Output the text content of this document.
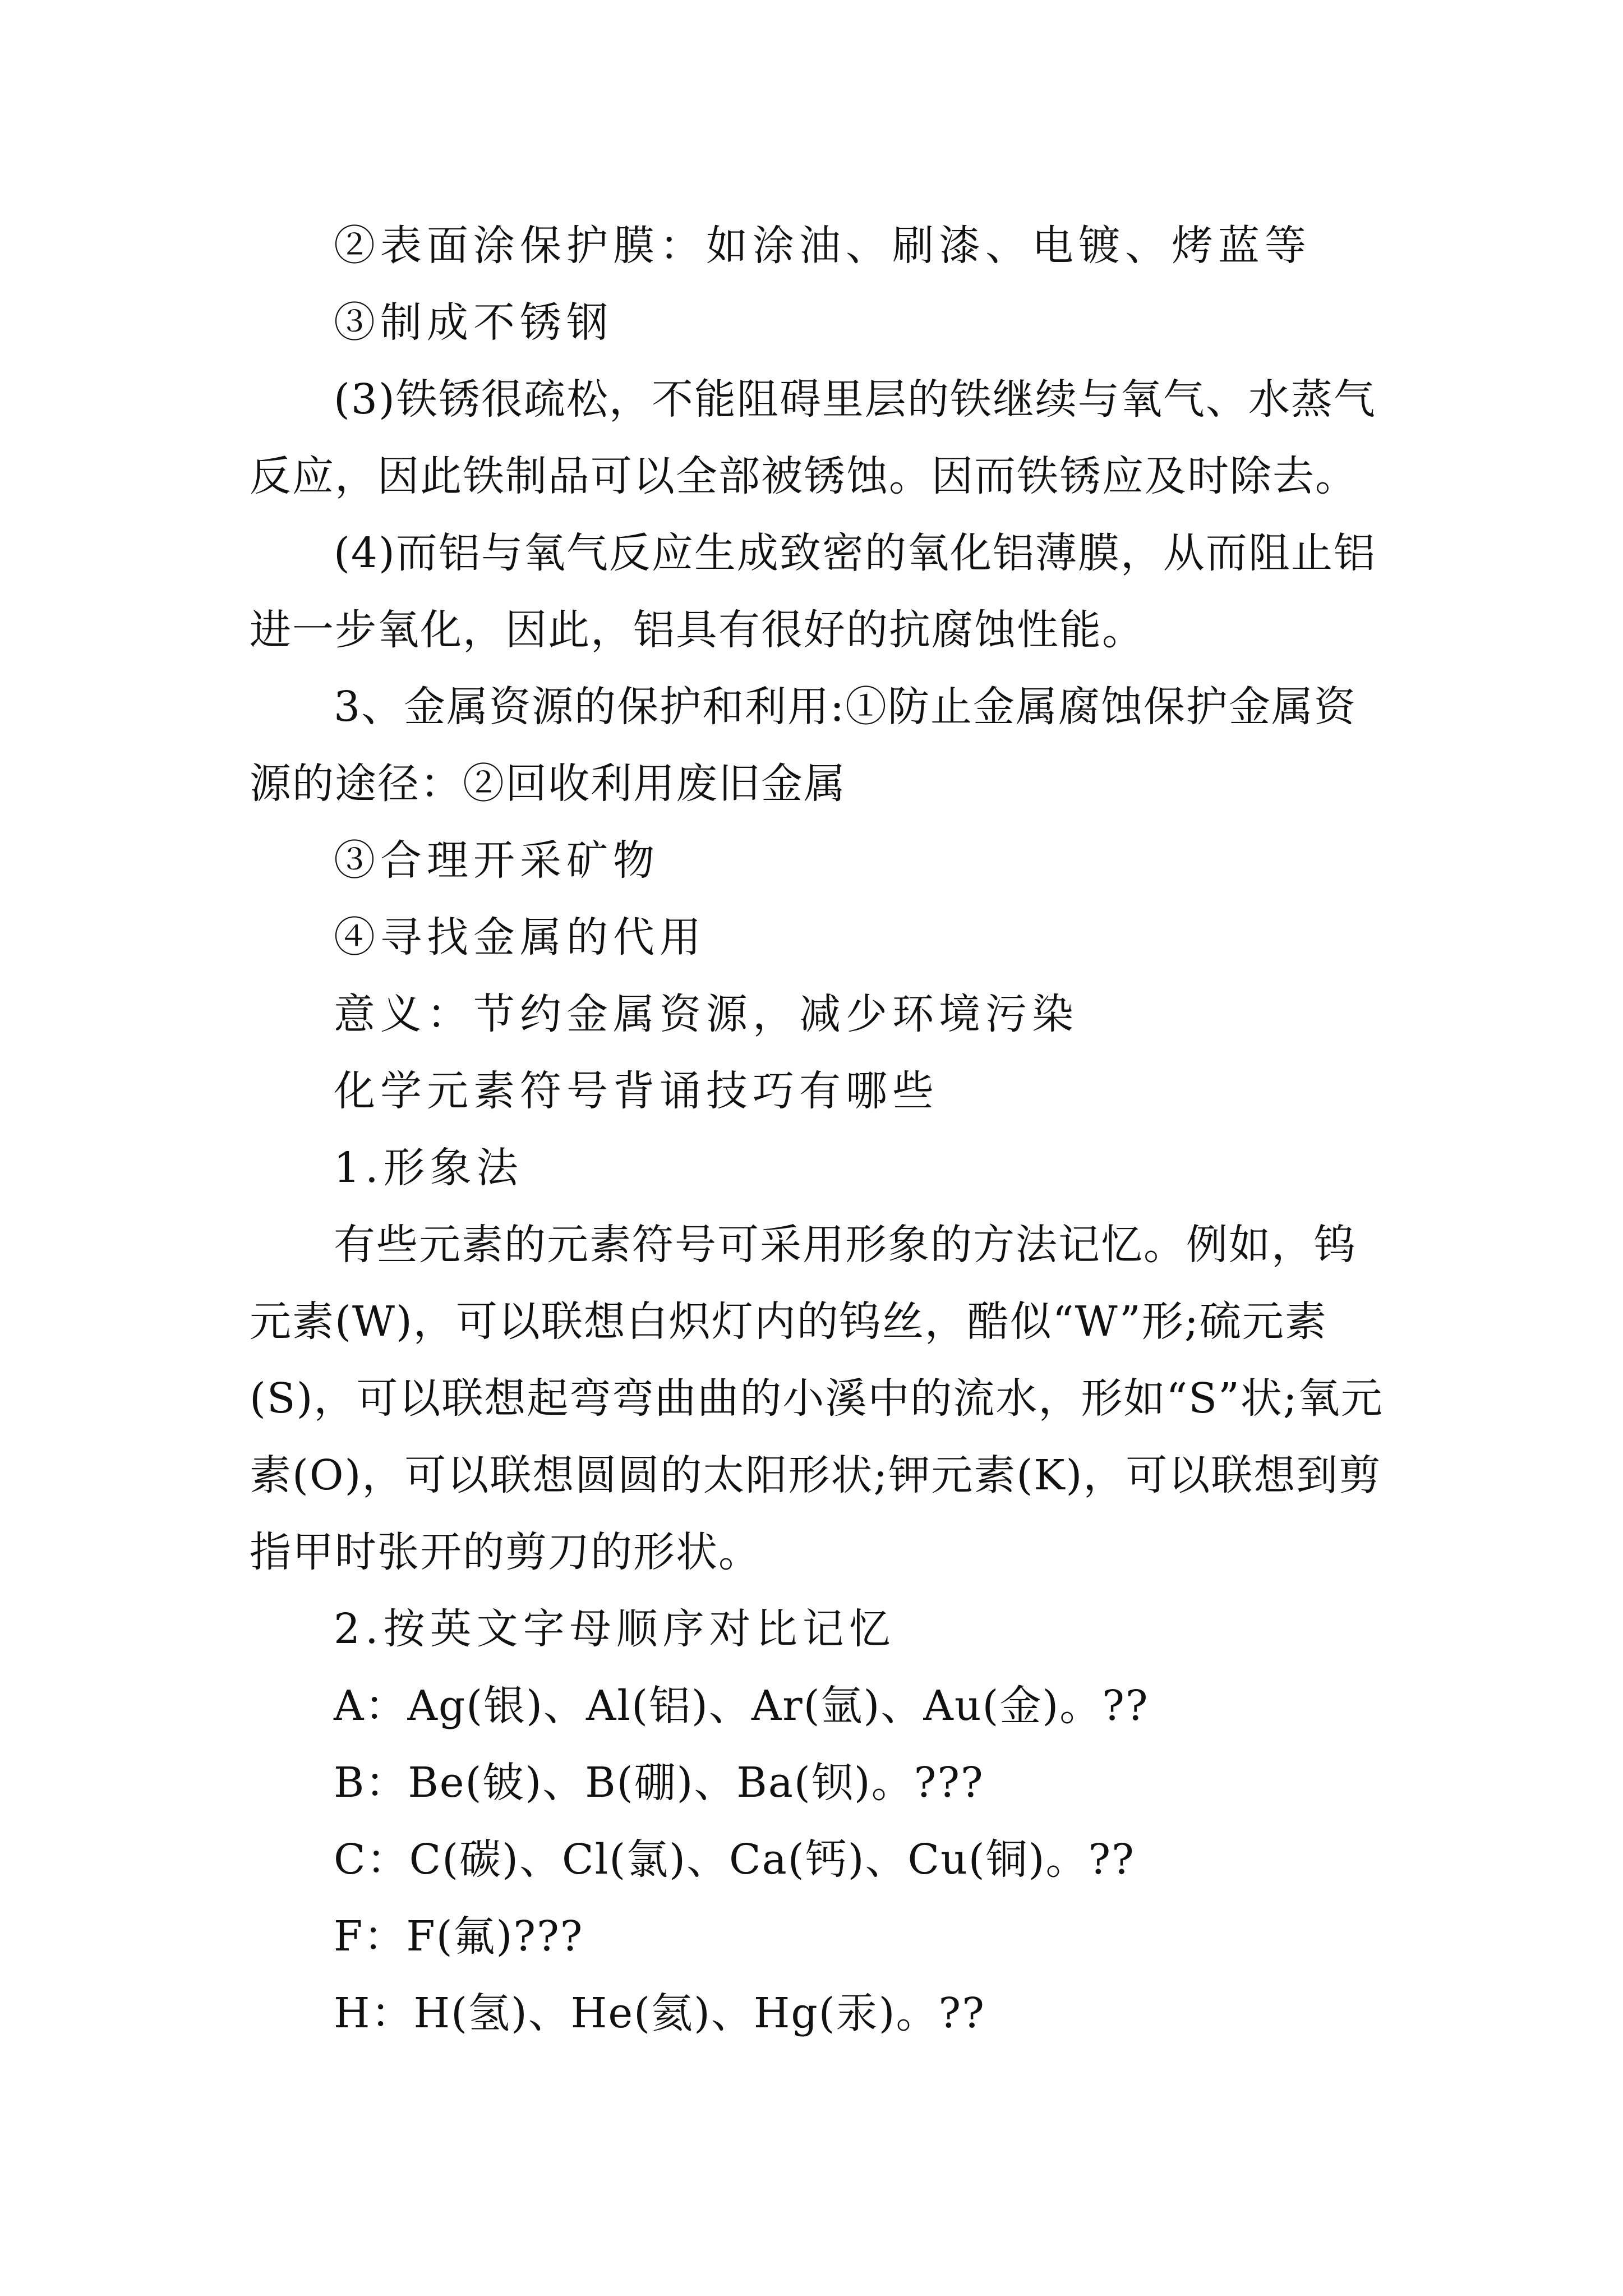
②表面涂保护膜：如涂油、刷漆、电镀、烤蓝等

③制成不锈钢

(3)铁锈很疏松，不能阻碍里层的铁继续与氧气、水蒸气反应，因此铁制品可以全部被锈蚀。因而铁锈应及时除去。

(4)而铝与氧气反应生成致密的氧化铝薄膜，从而阻止铝进一步氧化，因此，铝具有很好的抗腐蚀性能。

3、金属资源的保护和利用:①防止金属腐蚀保护金属资源的途径：②回收利用废旧金属

③合理开采矿物

④寻找金属的代用

意义：节约金属资源，减少环境污染

化学元素符号背诵技巧有哪些

1.形象法

有些元素的元素符号可采用形象的方法记忆。例如，钨元素(W)，可以联想白炽灯内的钨丝，酷似“W”形;硫元素(S)，可以联想起弯弯曲曲的小溪中的流水，形如“S”状;氧元素(O)，可以联想圆圆的太阳形状;钾元素(K)，可以联想到剪指甲时张开的剪刀的形状。

2.按英文字母顺序对比记忆

A：Ag(银)、Al(铝)、Ar(氩)、Au(金)。??

B：Be(铍)、B(硼)、Ba(钡)。???

C：C(碳)、Cl(氯)、Ca(钙)、Cu(铜)。??

F：F(氟)???

H：H(氢)、He(氦)、Hg(汞)。??
